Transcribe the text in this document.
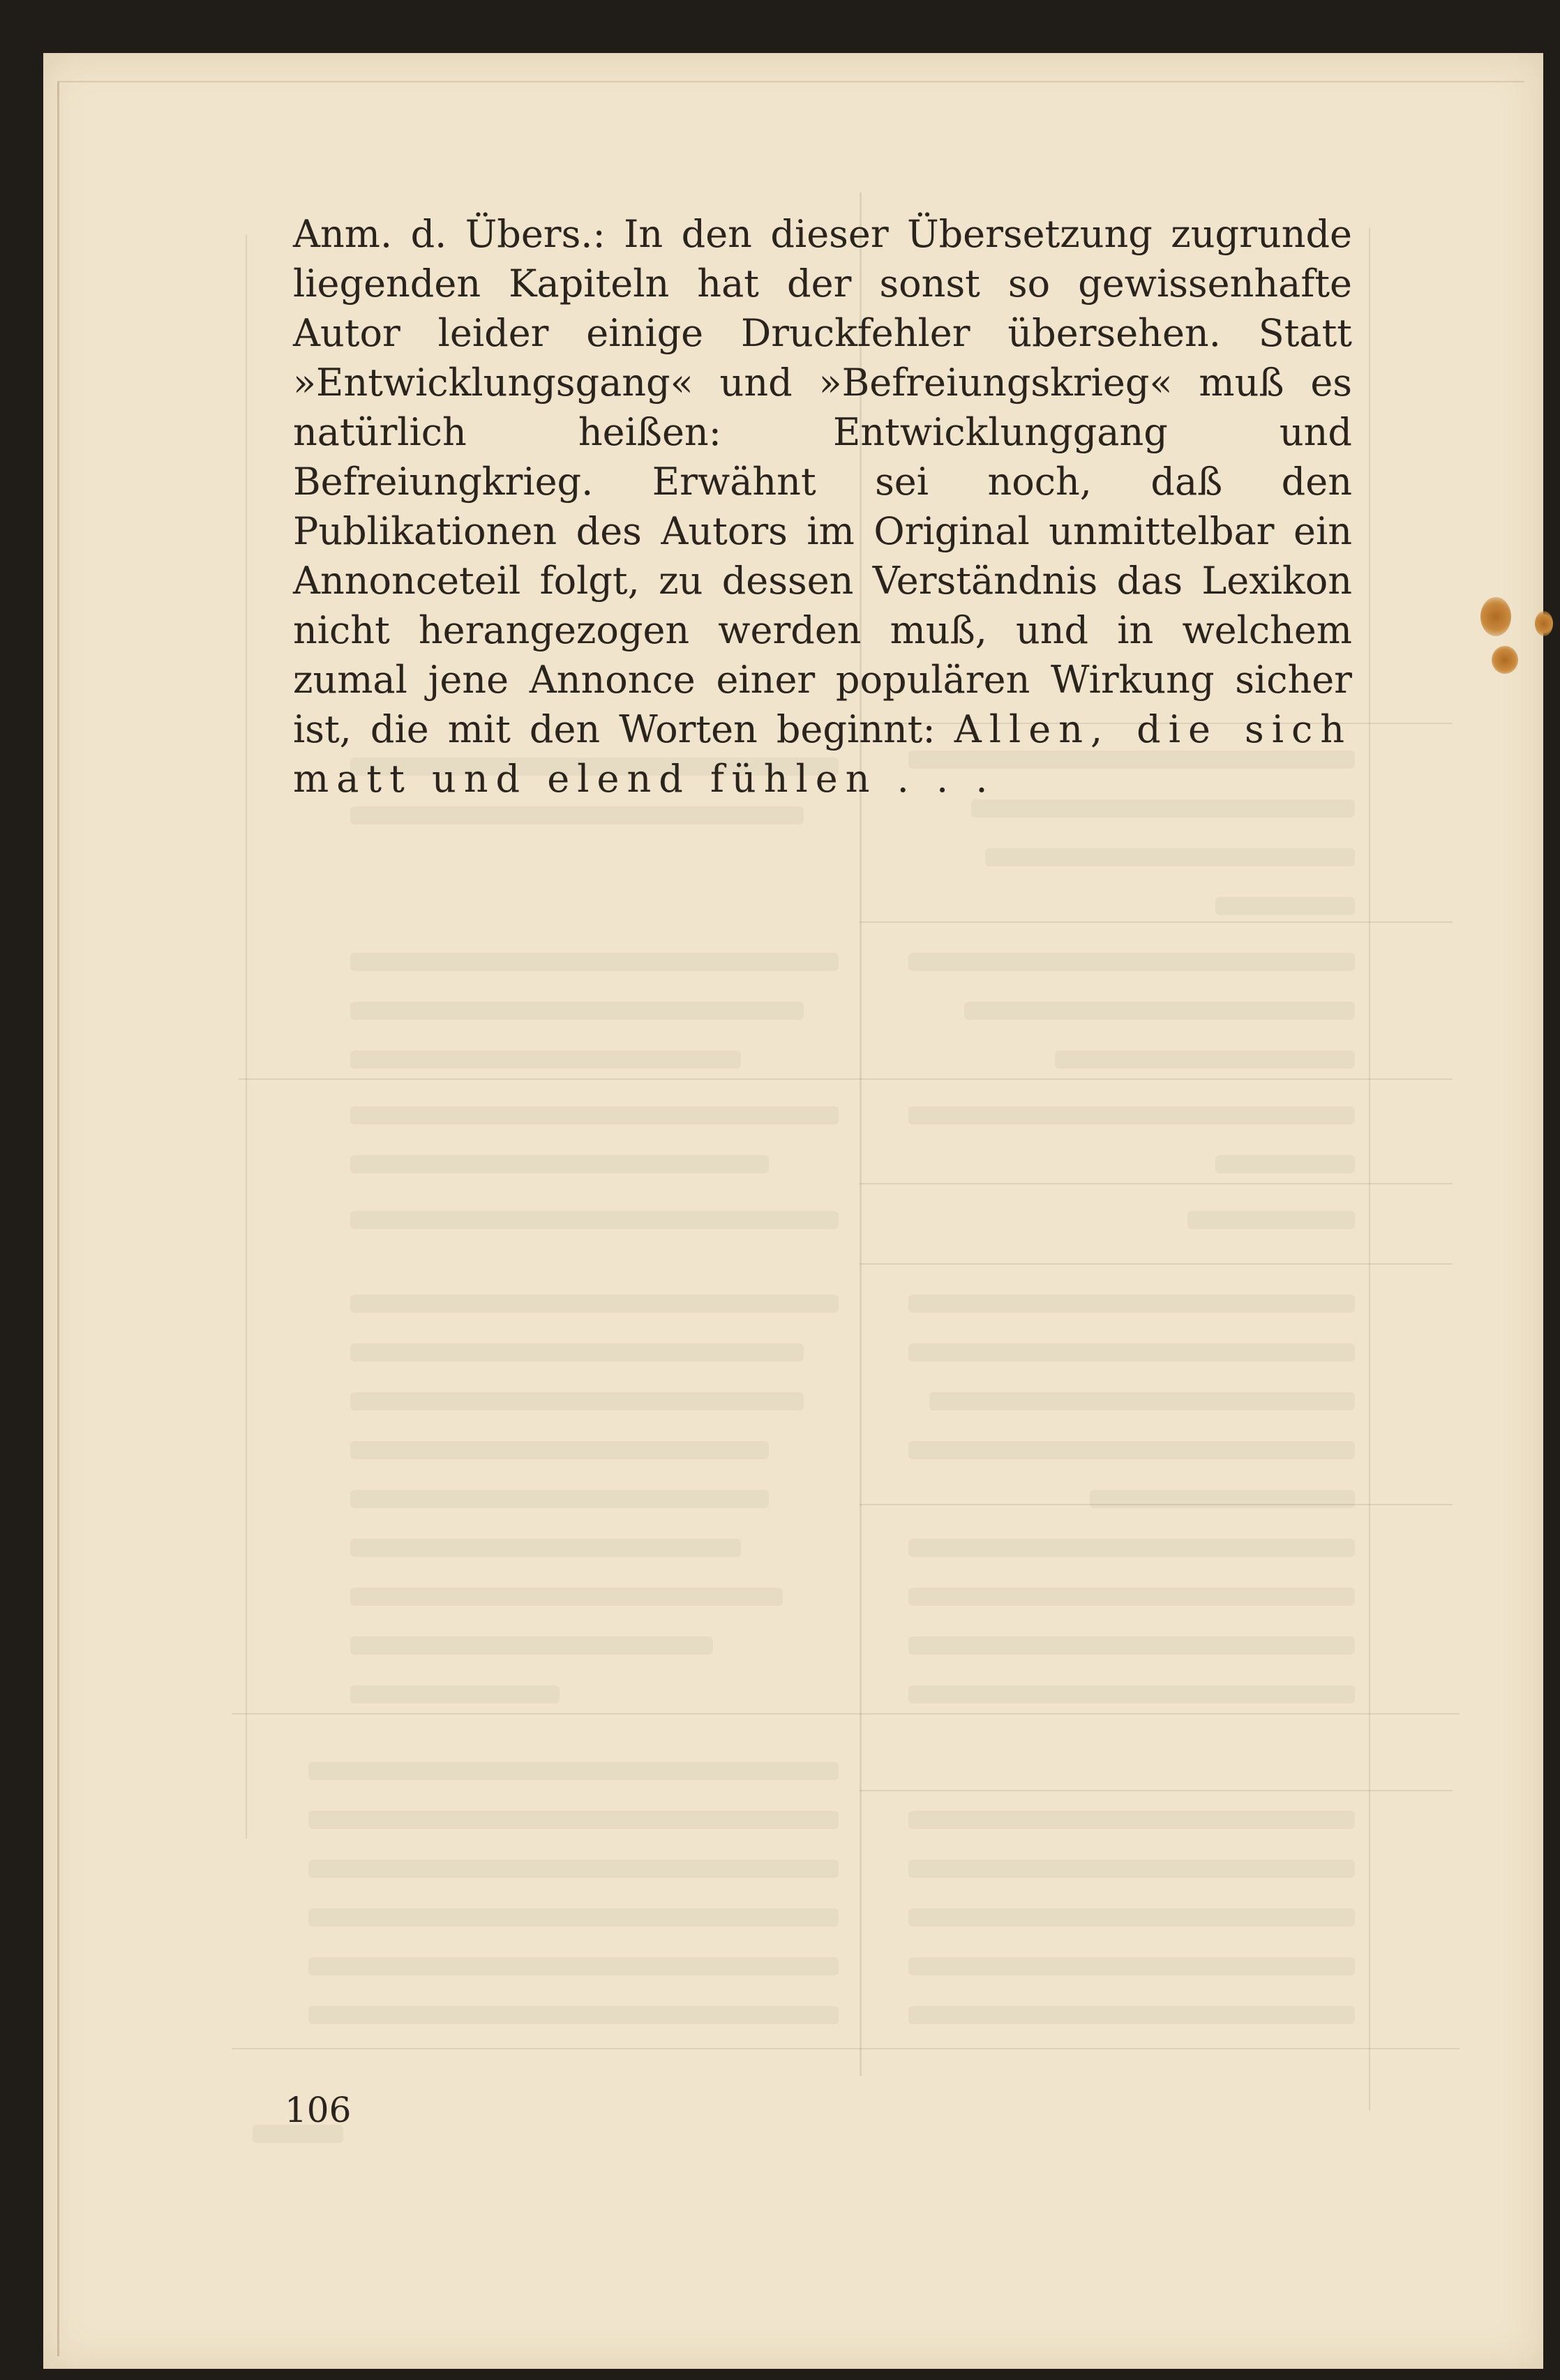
Anm. d. Übers.: In den dieser Übersetzung zugrunde liegenden Kapiteln hat der sonst so gewissenhafte Autor leider einige Druckfehler übersehen. Statt »Entwicklungsgang« und »Befreiungskrieg« muß es natürlich heißen: Entwicklunggang und Befreiungkrieg. Erwähnt sei noch, daß den Publikationen des Autors im Original unmittelbar ein Annonceteil folgt, zu dessen Verständnis das Lexikon nicht herangezogen werden muß, und in welchem zumal jene Annonce einer populären Wirkung sicher ist, die mit den Worten beginnt: Allen, die sich matt und elend fühlen . . .

106
